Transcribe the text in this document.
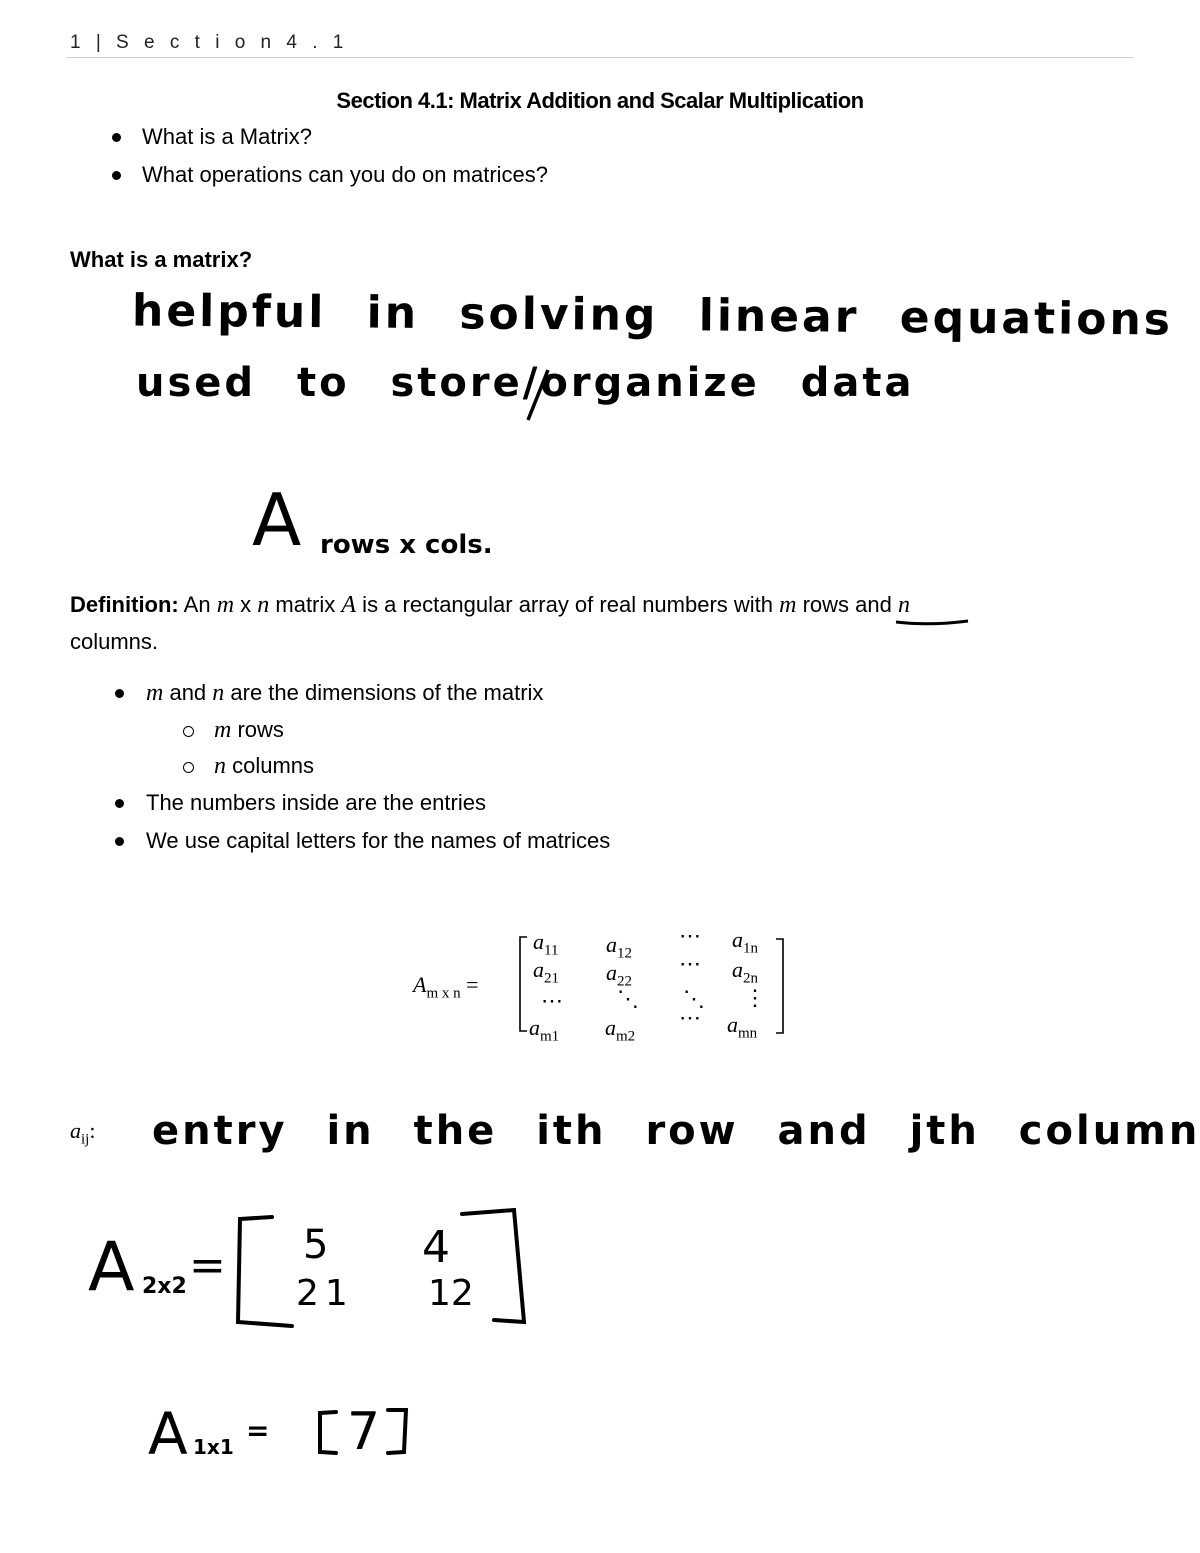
1 | S e c t i o n 4 . 1
Section 4.1: Matrix Addition and Scalar Multiplication
What is a Matrix?
What operations can you do on matrices?
What is a matrix?
helpful in solving linear equations
used to store/organize data
A rows x cols.
Definition: An m x n matrix A is a rectangular array of real numbers with m rows and n
columns.
m and n are the dimensions of the matrix
m rows
n columns
The numbers inside are the entries
We use capital letters for the names of matrices
$A_{m x n}$ =
$a_{11}$ $a_{12}$
⋯ $a_{1n}$
$a_{21}$ $a_{22}$
⋯ $a_{2n}$
⋯ ⋱ ⋱ ⋮
$a_{m1}$ $a_{m2}$
⋯ $a_{mn}$
$a_{ij}$: entry in the ith row and jth column
A 2x2 = 5 4
21 12
A 1x1 = 7
